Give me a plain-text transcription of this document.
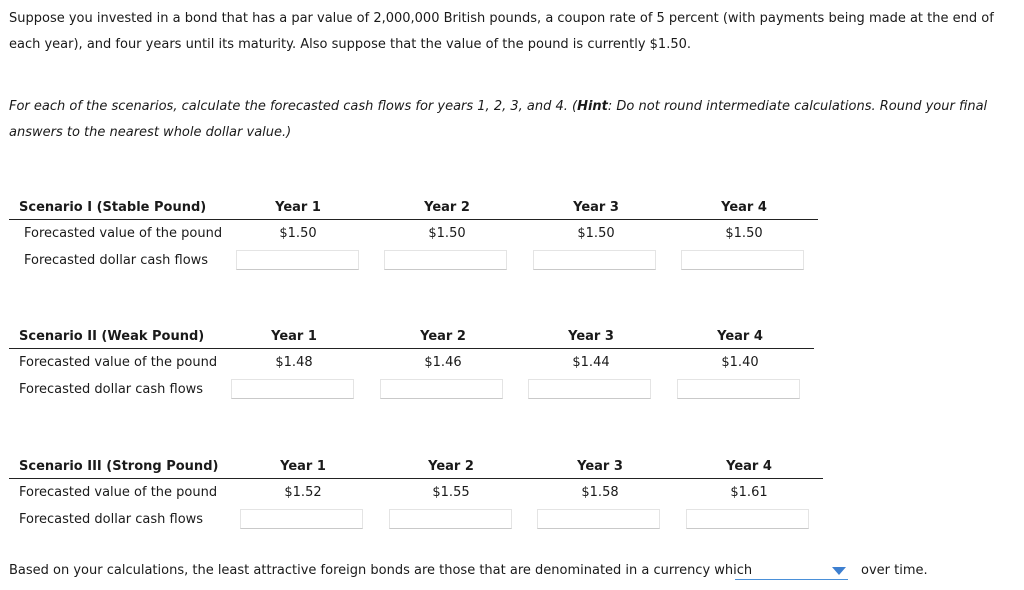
Suppose you invested in a bond that has a par value of 2,000,000 British pounds, a coupon rate of 5 percent (with payments being made at the end of
each year), and four years until its maturity. Also suppose that the value of the pound is currently $1.50.
For each of the scenarios, calculate the forecasted cash flows for years 1, 2, 3, and 4. (Hint: Do not round intermediate calculations. Round your final
answers to the nearest whole dollar value.)
Scenario I (Stable Pound)	Year 1	Year 2	Year 3	Year 4
Forecasted value of the pound	$1.50	$1.50	$1.50	$1.50
Forecasted dollar cash flows
Scenario II (Weak Pound)	Year 1	Year 2	Year 3	Year 4
Forecasted value of the pound	$1.48	$1.46	$1.44	$1.40
Forecasted dollar cash flows
Scenario III (Strong Pound)	Year 1	Year 2	Year 3	Year 4
Forecasted value of the pound	$1.52	$1.55	$1.58	$1.61
Forecasted dollar cash flows
Based on your calculations, the least attractive foreign bonds are those that are denominated in a currency which	over time.
